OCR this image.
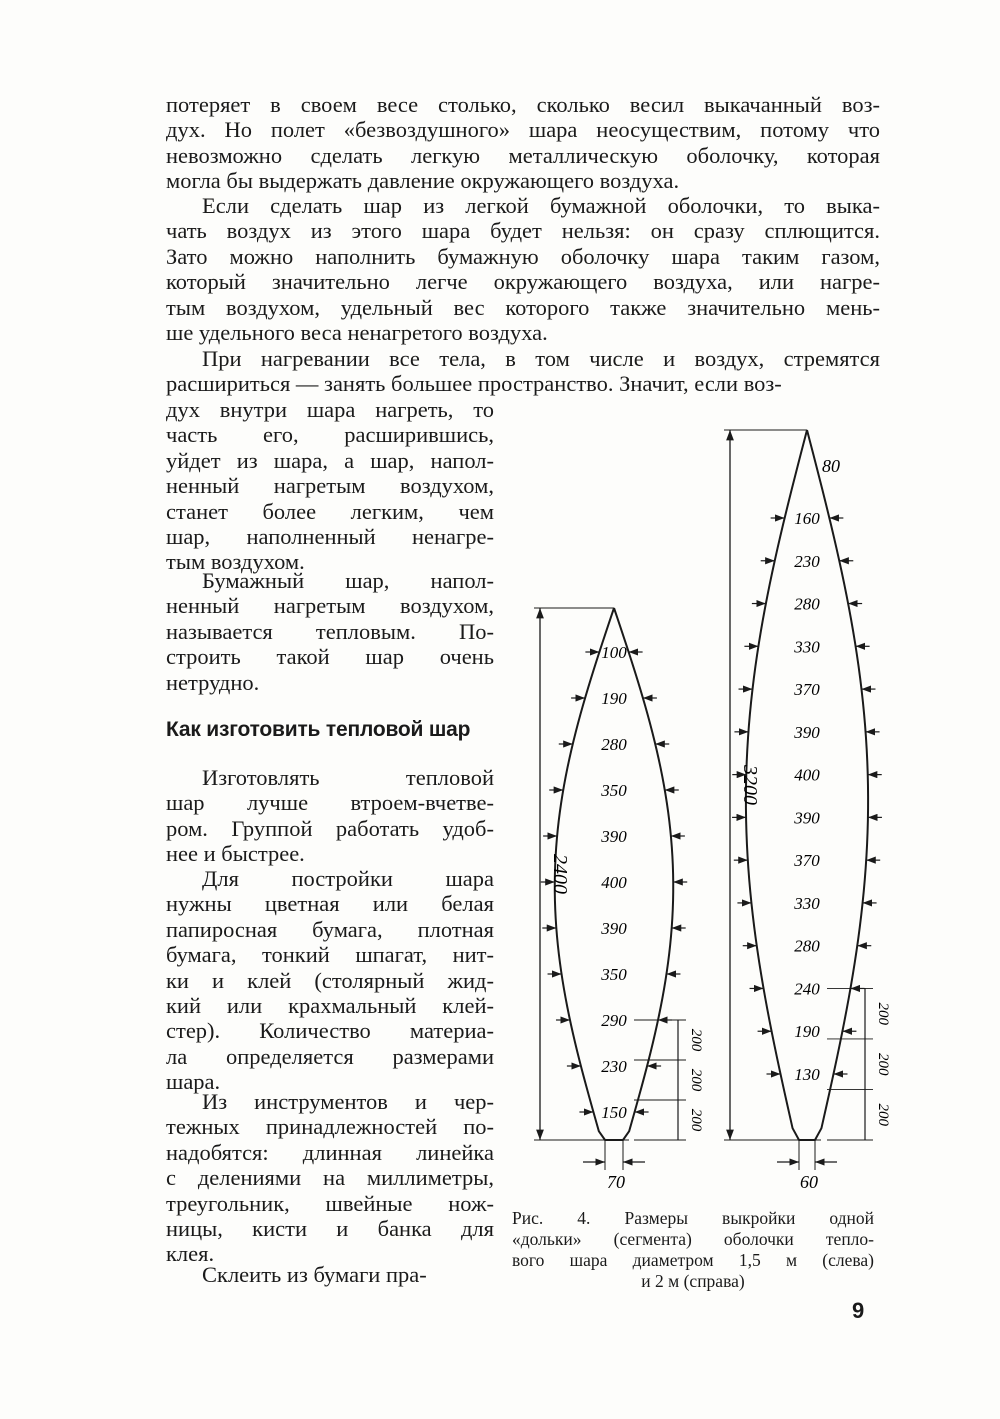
потеряет в своем весе столько, сколько весил выкачанный воз-
дух. Но полет «безвоздушного» шара неосуществим, потому что
невозможно сделать легкую металлическую оболочку, которая
могла бы выдержать давление окружающего воздуха.
Если сделать шар из легкой бумажной оболочки, то выка-
чать воздух из этого шара будет нельзя: он сразу сплющится.
Зато можно наполнить бумажную оболочку шара таким газом,
который значительно легче окружающего воздуха, или нагре-
тым воздухом, удельный вес которого также значительно мень-
ше удельного веса ненагретого воздуха.
При нагревании все тела, в том числе и воздух, стремятся
расшириться — занять большее пространство. Значит, если воз-
дух внутри шара нагреть, то
часть его, расширившись,
уйдет из шара, а шар, напол-
ненный нагретым воздухом,
станет более легким, чем
шар, наполненный ненагре-
тым воздухом.
Бумажный шар, напол-
ненный нагретым воздухом,
называется тепловым. По-
строить такой шар очень
нетрудно.
Как изготовить тепловой шар
Изготовлять тепловой
шар лучше втроем-вчетве-
ром. Группой работать удоб-
нее и быстрее.
Для постройки шара
нужны цветная или белая
папиросная бумага, плотная
бумага, тонкий шпагат, нит-
ки и клей (столярный жид-
кий или крахмальный клей-
стер). Количество материа-
ла определяется размерами
шара.
Из инструментов и чер-
тежных принадлежностей по-
надобятся: длинная линейка
с делениями на миллиметры,
треугольник, швейные нож-
ницы, кисти и банка для
клея.
Склеить из бумаги пра-
2400
100
190
280
350
390
400
390
350
290
230
150
70
200
200
200
3200
160
230
280
330
370
390
400
390
370
330
280
240
190
130
80
60
200
200
200
Рис. 4. Размеры выкройки одной
«дольки» (сегмента) оболочки тепло-
вого шара диаметром 1,5 м (слева)
и 2 м (справа)
9
